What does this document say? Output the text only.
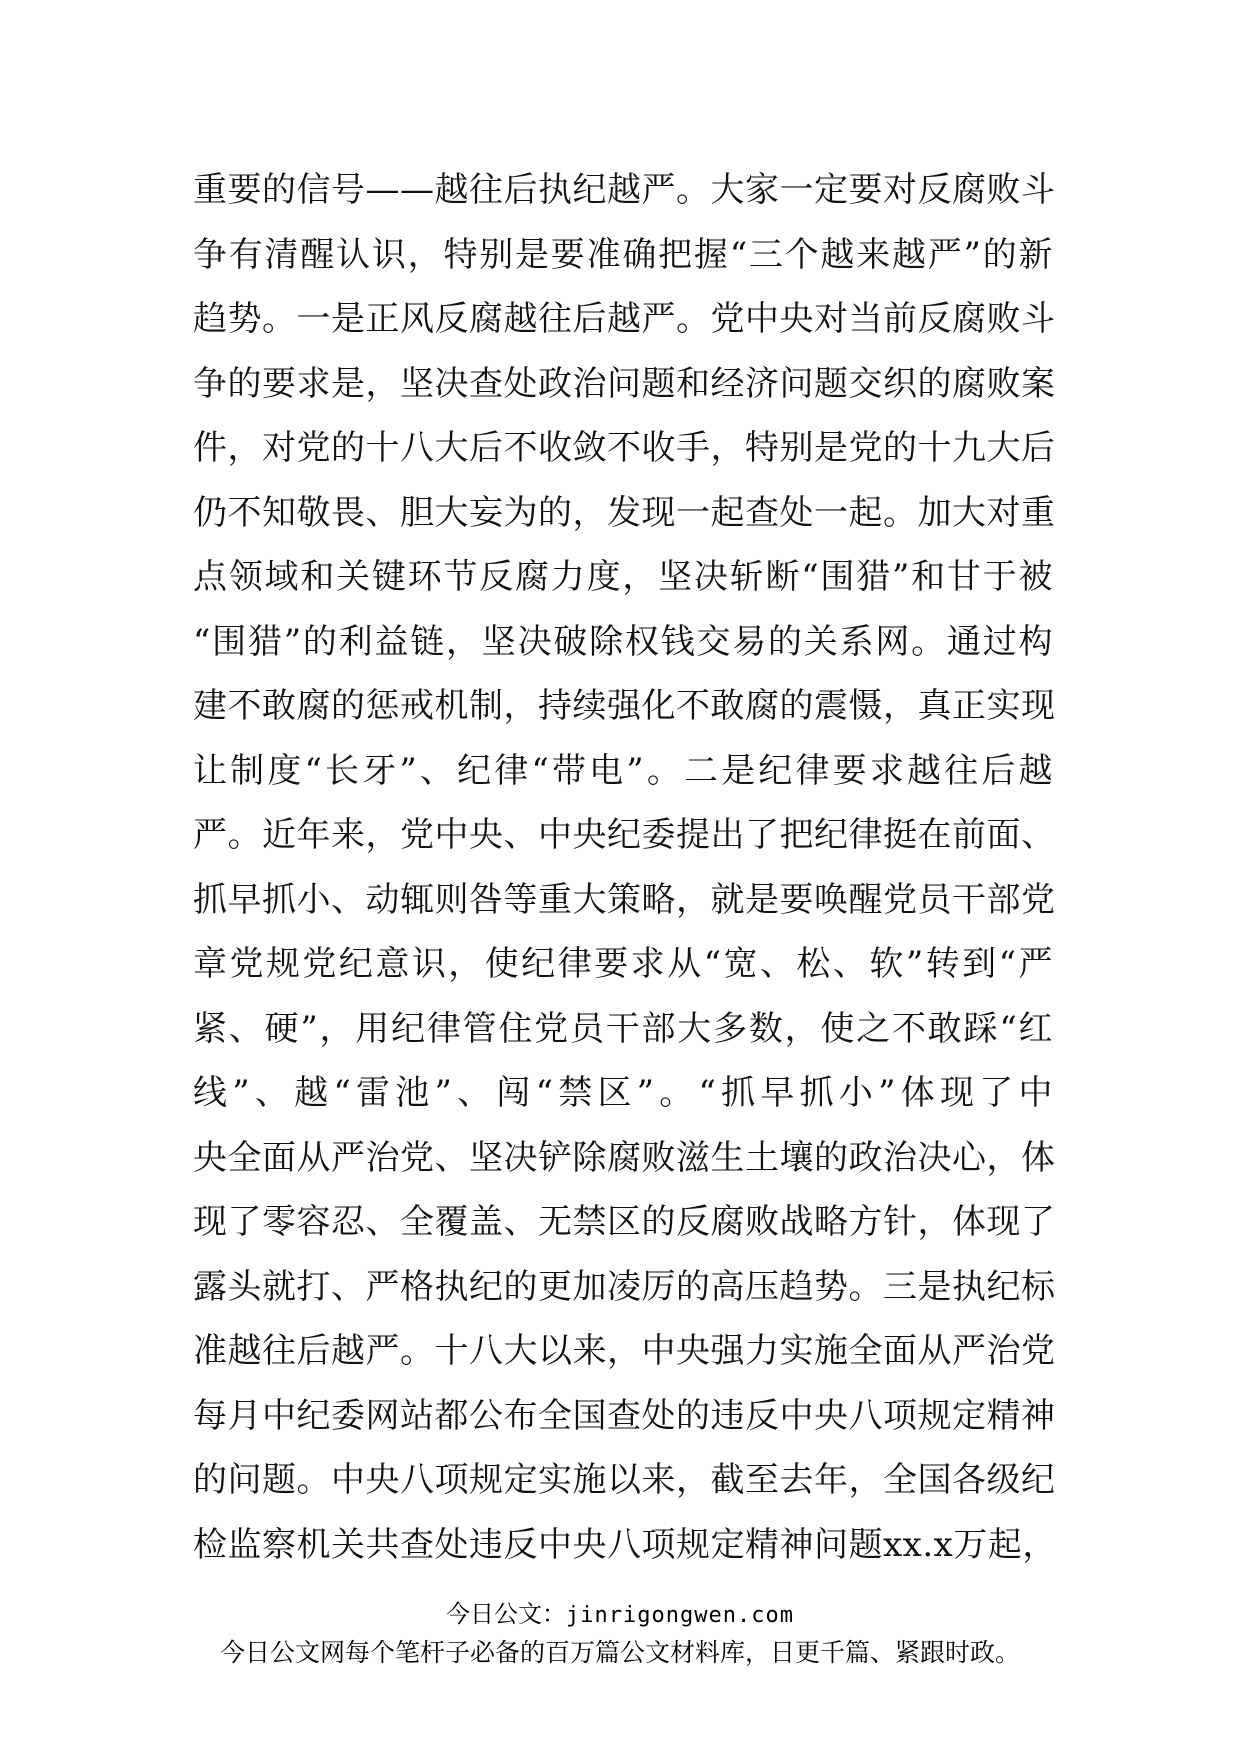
重要的信号——越往后执纪越严。大家一定要对反腐败斗
争有清醒认识，特别是要准确把握“三个越来越严”的新
趋势。一是正风反腐越往后越严。党中央对当前反腐败斗
争的要求是，坚决查处政治问题和经济问题交织的腐败案
件，对党的十八大后不收敛不收手，特别是党的十九大后
仍不知敬畏、胆大妄为的，发现一起查处一起。加大对重
点领域和关键环节反腐力度，坚决斩断“围猎”和甘于被
“围猎”的利益链，坚决破除权钱交易的关系网。通过构
建不敢腐的惩戒机制，持续强化不敢腐的震慑，真正实现
让制度“长牙”、纪律“带电”。二是纪律要求越往后越
严。近年来，党中央、中央纪委提出了把纪律挺在前面、
抓早抓小、动辄则咎等重大策略，就是要唤醒党员干部党
章党规党纪意识，使纪律要求从“宽、松、软”转到“严
紧、硬”，用纪律管住党员干部大多数，使之不敢踩“红
线”、越“雷池”、闯“禁区”。“抓早抓小”体现了中
央全面从严治党、坚决铲除腐败滋生土壤的政治决心，体
现了零容忍、全覆盖、无禁区的反腐败战略方针，体现了
露头就打、严格执纪的更加凌厉的高压趋势。三是执纪标
准越往后越严。十八大以来，中央强力实施全面从严治党
每月中纪委网站都公布全国查处的违反中央八项规定精神
的问题。中央八项规定实施以来，截至去年，全国各级纪
检监察机关共查处违反中央八项规定精神问题xx.x万起，
今日公文：jinrigongwen.com
今日公文网每个笔杆子必备的百万篇公文材料库，日更千篇、紧跟时政。
